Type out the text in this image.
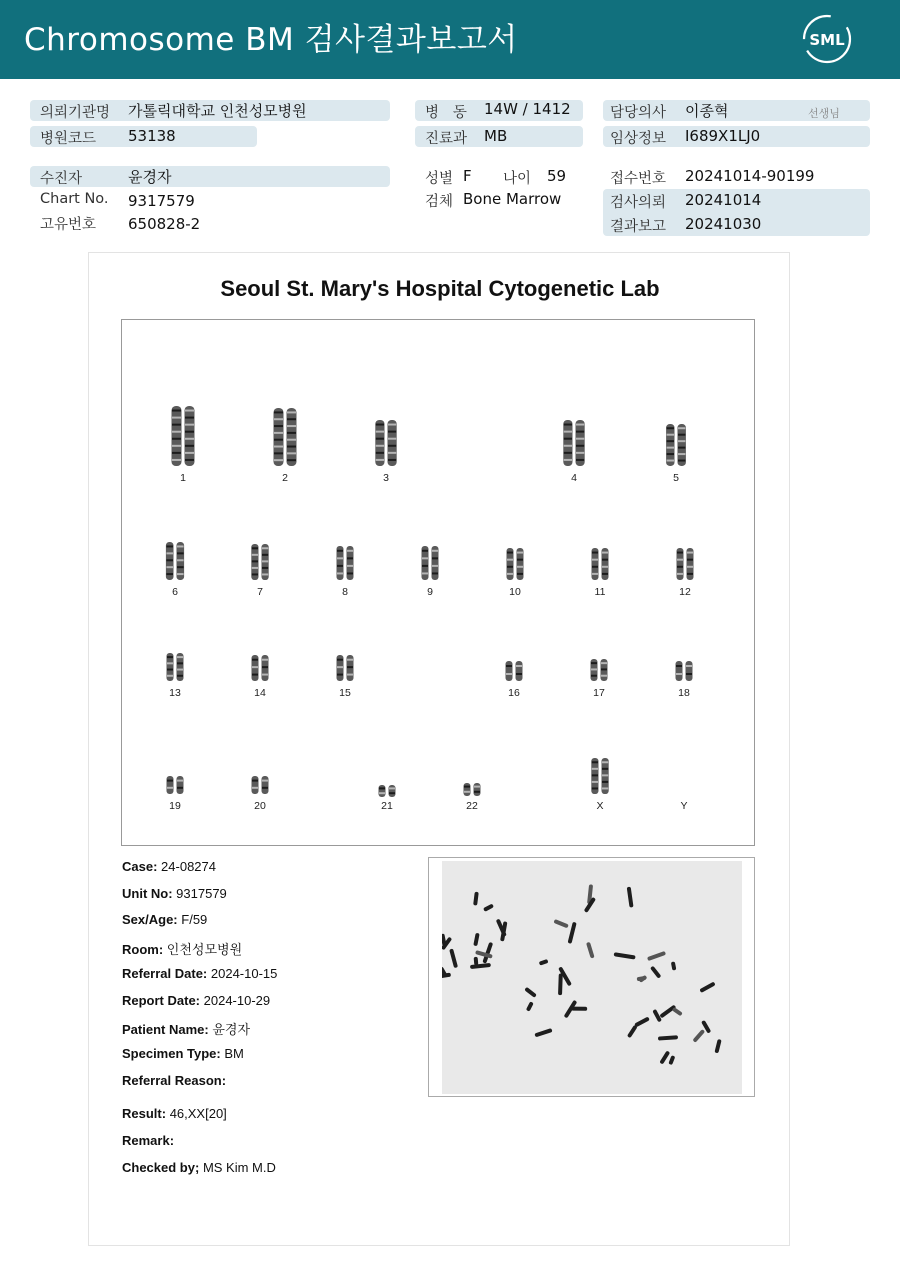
Chromosome BM 검사결과보고서	SML
의뢰기관명 가톨릭대학교 인천성모병원
병원코드 53138
수진자	윤경자
Chart No. 9317579
고유번호 650828-2
병   동 14W / 1412
진료과 MB
성별 F 나이 59
검체 Bone Marrow
담당의사 이종혁	선생님
임상정보 I689X1LJ0
접수번호 20241014-90199
검사의뢰 20241014
결과보고 20241030
Seoul St. Mary's Hospital Cytogenetic Lab
1	2	3	4	5
6	7	8	9	10	11	12
13	14	15	16	17	18
19	20	21	22	X	Y
Case: 24-08274
Unit No: 9317579
Sex/Age: F/59
Room: 인천성모병원
Referral Date: 2024-10-15
Report Date: 2024-10-29
Patient Name: 윤경자
Specimen Type: BM
Referral Reason:
Result: 46,XX[20]
Remark:
Checked by; MS Kim M.D
